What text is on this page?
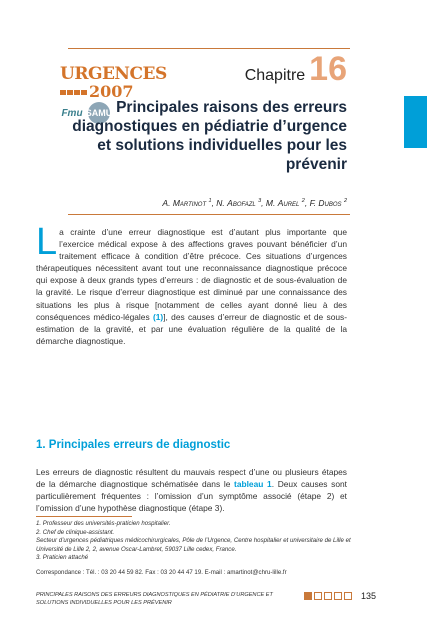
Chapitre 16
URGENCES
2007
Fmu SAMU Principales raisons des erreurs diagnostiques en pédiatrie d’urgence et solutions individuelles pour les prévenir
A. Martinot $^1$, N. Abofazl $^3$, M. Aurel $^2$, F. Dubos $^2$
La crainte d’une erreur diagnostique est d’autant plus importante que l’exercice médical expose à des affections graves pouvant bénéficier d’un traitement efficace à condition d’être précoce. Ces situations d’urgences thérapeutiques nécessitent avant tout une reconnaissance diagnostique précoce qui expose à deux grands types d’erreurs : de diagnostic et de sous-évaluation de la gravité. Le risque d’erreur diagnostique est diminué par une connaissance des situations les plus à risque [notamment de celles ayant donné lieu à des conséquences médico-légales (1)], des causes d’erreur de diagnostic et de sous-estimation de la gravité, et par une évaluation régulière de la qualité de la démarche diagnostique.
1. Principales erreurs de diagnostic
Les erreurs de diagnostic résultent du mauvais respect d’une ou plusieurs étapes de la démarche diagnostique schématisée dans le tableau 1. Deux causes sont particulièrement fréquentes : l’omission d’un symptôme associé (étape 2) et l’omission d’une hypothèse diagnostique (étape 3).
1. Professeur des universités-praticien hospitalier.
2. Chef de clinique-assistant.
Secteur d’urgences pédiatriques médicochirurgicales, Pôle de l’Urgence, Centre hospitalier et universitaire de Lille et Université de Lille 2, 2, avenue Oscar-Lambret, 59037 Lille cedex, France.
3. Praticien attaché
Correspondance : Tél. : 03 20 44 59 82. Fax : 03 20 44 47 19. E-mail : amartinot@chru-lille.fr
PRINCIPALES RAISONS DES ERREURS DIAGNOSTIQUES EN PÉDIATRIE D’URGENCE ET SOLUTIONS INDIVIDUELLES POUR LES PRÉVENIR
135
